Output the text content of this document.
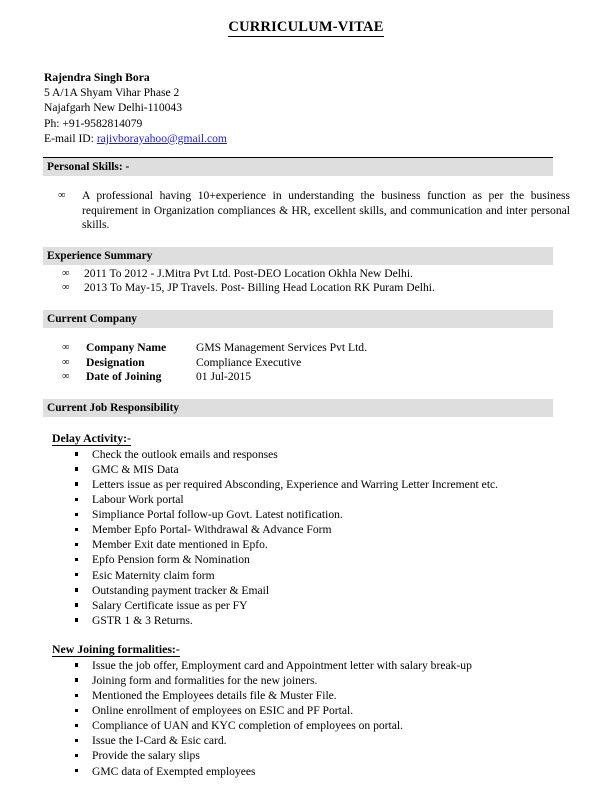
CURRICULUM-VITAE
Rajendra Singh Bora
5 A/1A Shyam Vihar Phase 2
Najafgarh New Delhi-110043
Ph: +91-9582814079
E-mail ID: rajivborayahoo@gmail.com
Personal Skills: -
∞ A professional having 10+experience in understanding the business function as per the business requirement in Organization compliances & HR, excellent skills, and communication and inter personal skills.
Experience Summary
∞ 2011 To 2012 - J.Mitra Pvt Ltd. Post-DEO Location Okhla New Delhi.
∞ 2013 To May-15, JP Travels. Post- Billing Head Location RK Puram Delhi.
Current Company
∞ Company Name	GMS Management Services Pvt Ltd.
∞ Designation	Compliance Executive
∞ Date of Joining	01 Jul-2015
Current Job Responsibility
Delay Activity:-
Check the outlook emails and responses
GMC & MIS Data
Letters issue as per required Absconding, Experience and Warring Letter Increment etc.
Labour Work portal
Simpliance Portal follow-up Govt. Latest notification.
Member Epfo Portal- Withdrawal & Advance Form
Member Exit date mentioned in Epfo.
Epfo Pension form & Nomination
Esic Maternity claim form
Outstanding payment tracker & Email
Salary Certificate issue as per FY
GSTR 1 & 3 Returns.
New Joining formalities:-
Issue the job offer, Employment card and Appointment letter with salary break-up
Joining form and formalities for the new joiners.
Mentioned the Employees details file & Muster File.
Online enrollment of employees on ESIC and PF Portal.
Compliance of UAN and KYC completion of employees on portal.
Issue the I-Card & Esic card.
Provide the salary slips
GMC data of Exempted employees
